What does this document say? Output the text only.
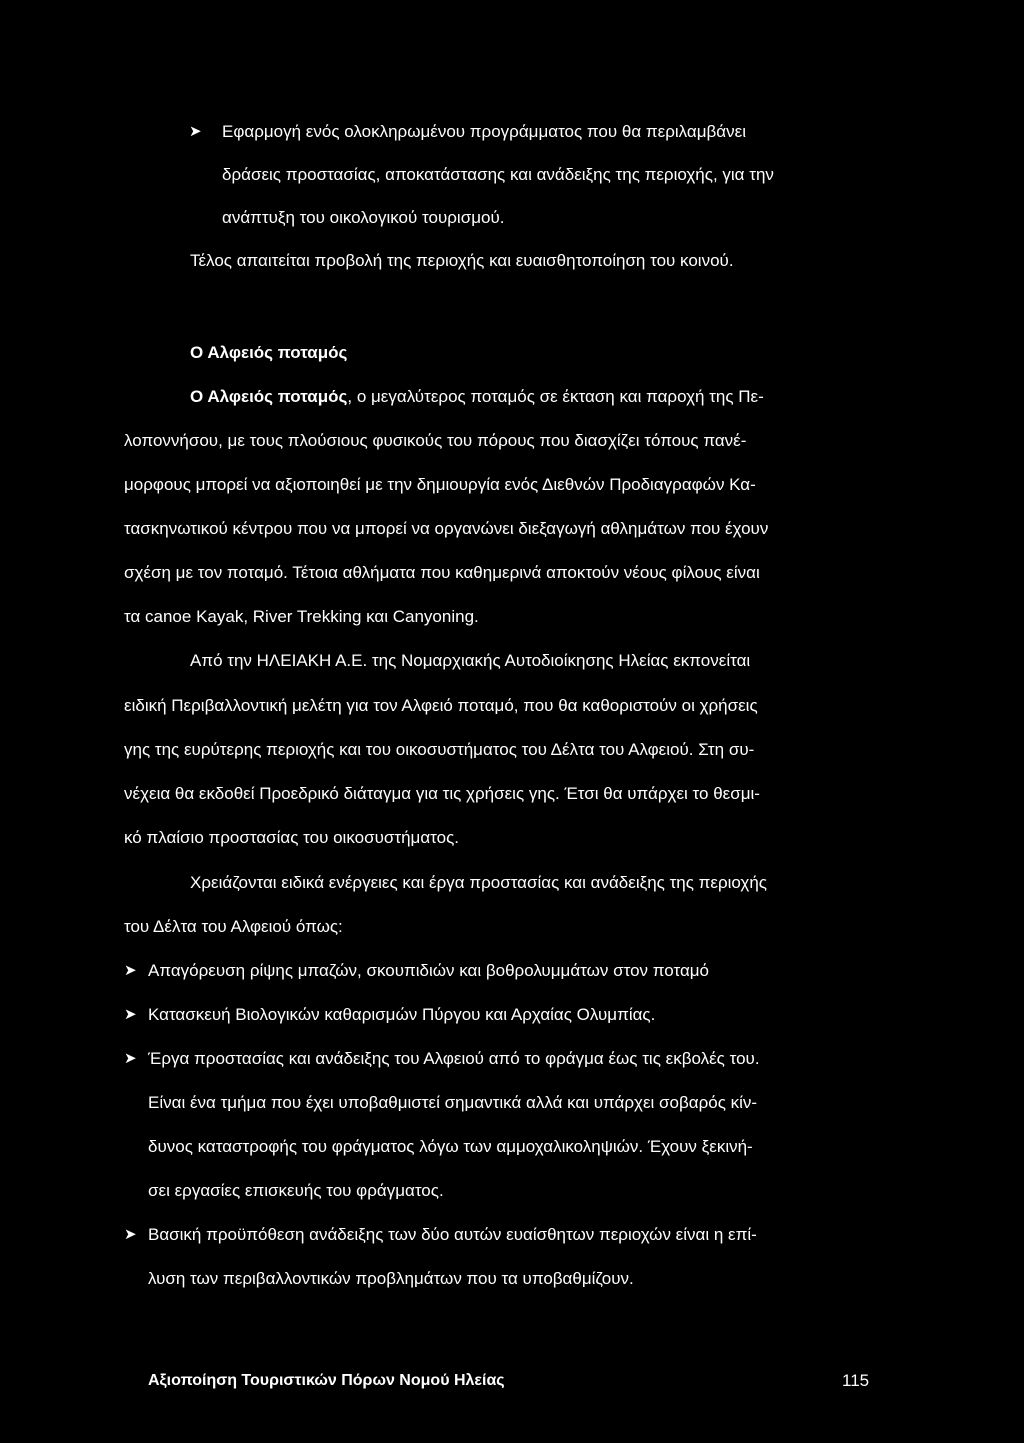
➤ Εφαρμογή ενός ολοκληρωμένου προγράμματος που θα περιλαμβάνει
δράσεις προστασίας, αποκατάστασης και ανάδειξης της περιοχής, για την
ανάπτυξη του οικολογικού τουρισμού.
Τέλος απαιτείται προβολή της περιοχής και ευαισθητοποίηση του κοινού.
Ο Αλφειός ποταμός
Ο Αλφειός ποταμός, ο μεγαλύτερος ποταμός σε έκταση και παροχή της Πε-
λοποννήσου, με τους πλούσιους φυσικούς του πόρους που διασχίζει τόπους πανέ-
μορφους μπορεί να αξιοποιηθεί με την δημιουργία ενός Διεθνών Προδιαγραφών Κα-
τασκηνωτικού κέντρου που να μπορεί να οργανώνει διεξαγωγή αθλημάτων που έχουν
σχέση με τον ποταμό. Τέτοια αθλήματα που καθημερινά αποκτούν νέους φίλους είναι
τα canoe Kayak, River Trekking και Canyoning.
Από την ΗΛΕΙΑΚΗ Α.Ε. της Νομαρχιακής Αυτοδιοίκησης Ηλείας εκπονείται
ειδική Περιβαλλοντική μελέτη για τον Αλφειό ποταμό, που θα καθοριστούν οι χρήσεις
γης της ευρύτερης περιοχής και του οικοσυστήματος του Δέλτα του Αλφειού. Στη συ-
νέχεια θα εκδοθεί Προεδρικό διάταγμα για τις χρήσεις γης. Έτσι θα υπάρχει το θεσμι-
κό πλαίσιο προστασίας του οικοσυστήματος.
Χρειάζονται ειδικά ενέργειες και έργα προστασίας και ανάδειξης της περιοχής
του Δέλτα του Αλφειού όπως:
➤ Απαγόρευση ρίψης μπαζών, σκουπιδιών και βοθρολυμμάτων στον ποταμό
➤ Κατασκευή Βιολογικών καθαρισμών Πύργου και Αρχαίας Ολυμπίας.
➤ Έργα προστασίας και ανάδειξης του Αλφειού από το φράγμα έως τις εκβολές του.
Είναι ένα τμήμα που έχει υποβαθμιστεί σημαντικά αλλά και υπάρχει σοβαρός κίν-
δυνος καταστροφής του φράγματος λόγω των αμμοχαλικοληψιών. Έχουν ξεκινή-
σει εργασίες επισκευής του φράγματος.
➤ Βασική προϋπόθεση ανάδειξης των δύο αυτών ευαίσθητων περιοχών είναι η επί-
λυση των περιβαλλοντικών προβλημάτων που τα υποβαθμίζουν.
Αξιοποίηση Τουριστικών Πόρων Νομού Ηλείας	115
